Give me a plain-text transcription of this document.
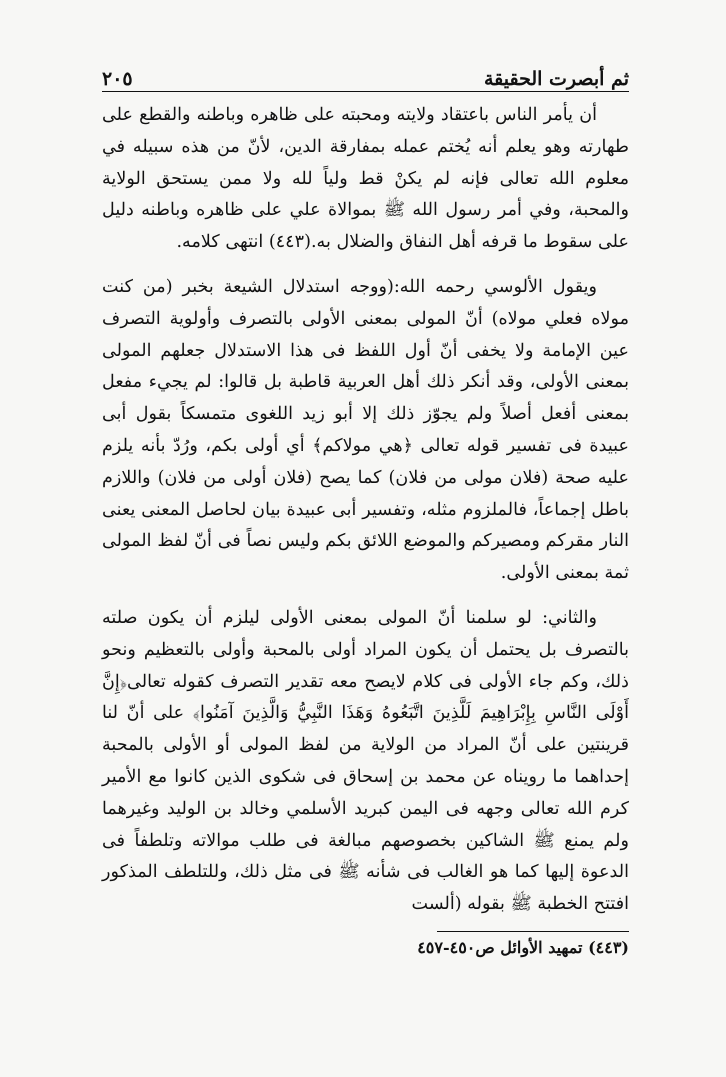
ثم أبصرت الحقيقة
٢٠٥

أن يأمر الناس باعتقاد ولايته ومحبته على ظاهره وباطنه والقطع على طهارته وهو يعلم أنه يُختم عمله بمفارقة الدين، لأنّ من هذه سبيله في معلوم الله تعالى فإنه لم يكنْ قط ولياً لله ولا ممن يستحق الولاية والمحبة، وفي أمر رسول الله ﷺ بموالاة علي على ظاهره وباطنه دليل على سقوط ما قرفه أهل النفاق والضلال به.(٤٤٣) انتهى كلامه.

ويقول الألوسي رحمه الله:(ووجه استدلال الشيعة بخبر (من كنت مولاه فعلي مولاه) أنّ المولى بمعنى الأولى بالتصرف وأولوية التصرف عين الإمامة ولا يخفى أنّ أول اللفظ فى هذا الاستدلال جعلهم المولى بمعنى الأولى، وقد أنكر ذلك أهل العربية قاطبة بل قالوا: لم يجيء مفعل بمعنى أفعل أصلاً ولم يجوّز ذلك إلا أبو زيد اللغوى متمسكاً بقول أبى عبيدة فى تفسير قوله تعالى ﴿هي مولاكم﴾ أي أولى بكم، ورُدّ بأنه يلزم عليه صحة (فلان مولى من فلان) كما يصح (فلان أولى من فلان) واللازم باطل إجماعاً، فالملزوم مثله، وتفسير أبى عبيدة بيان لحاصل المعنى يعنى النار مقركم ومصيركم والموضع اللائق بكم وليس نصاً فى أنّ لفظ المولى ثمة بمعنى الأولى.

والثاني: لو سلمنا أنّ المولى بمعنى الأولى ليلزم أن يكون صلته بالتصرف بل يحتمل أن يكون المراد أولى بالمحبة وأولى بالتعظيم ونحو ذلك، وكم جاء الأولى فى كلام لايصح معه تقدير التصرف كقوله تعالى﴿إِنَّ أَوْلَى النَّاسِ بِإِبْرَاهِيمَ لَلَّذِينَ اتَّبَعُوهُ وَهَذَا النَّبِيُّ وَالَّذِينَ آمَنُوا﴾ على أنّ لنا قرينتين على أنّ المراد من الولاية من لفظ المولى أو الأولى بالمحبة إحداهما ما رويناه عن محمد بن إسحاق فى شكوى الذين كانوا مع الأمير كرم الله تعالى وجهه فى اليمن كبريد الأسلمي وخالد بن الوليد وغيرهما ولم يمنع ﷺ الشاكين بخصوصهم مبالغة فى طلب موالاته وتلطفاً فى الدعوة إليها كما هو الغالب فى شأنه ﷺ فى مثل ذلك، وللتلطف المذكور افتتح الخطبة ﷺ بقوله (ألست

(٤٤٣) تمهيد الأوائل ص٤٥٠-٤٥٧
